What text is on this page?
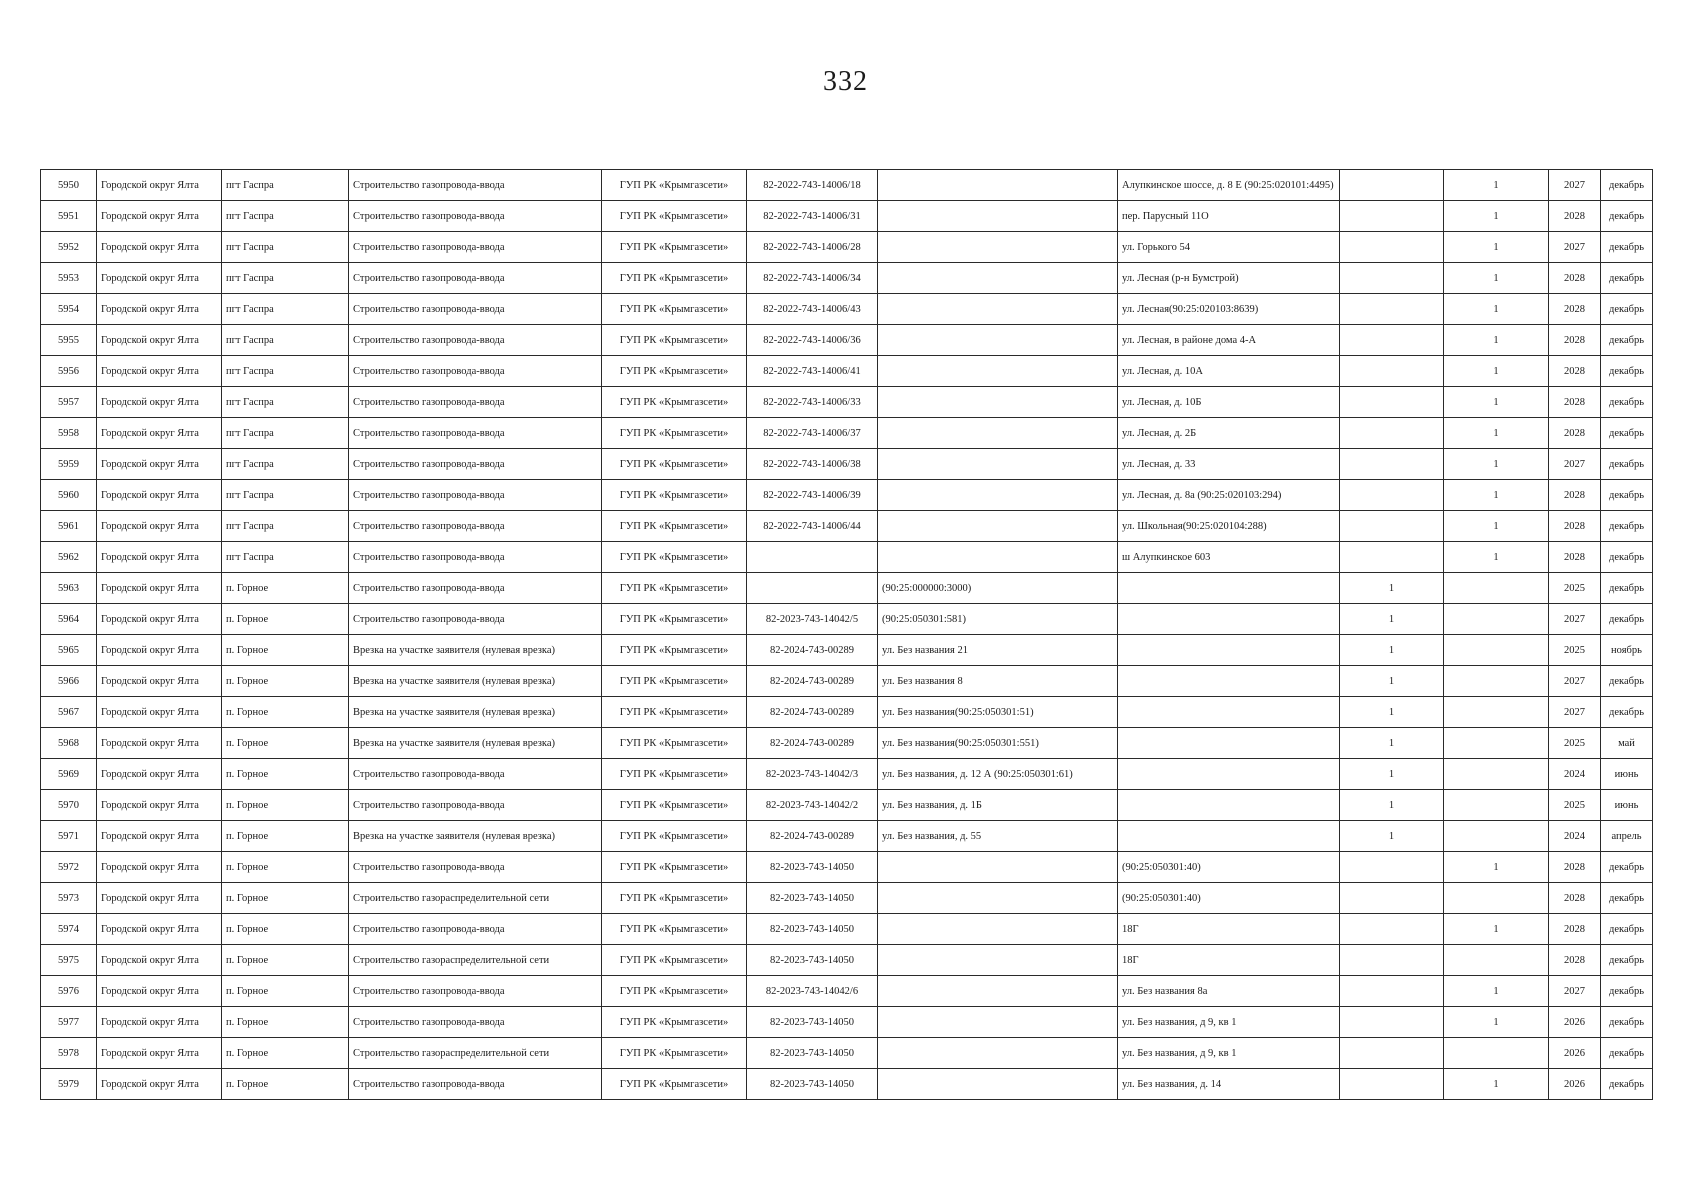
332
5950	Городской округ Ялта	пгт Гаспра	Строительство газопровода-ввода	ГУП РК «Крымгазсети»	82-2022-743-14006/18		Алупкинское шоссе, д. 8 Е (90:25:020101:4495)		1	2027	декабрь
5951	Городской округ Ялта	пгт Гаспра	Строительство газопровода-ввода	ГУП РК «Крымгазсети»	82-2022-743-14006/31		пер. Парусный 11О		1	2028	декабрь
5952	Городской округ Ялта	пгт Гаспра	Строительство газопровода-ввода	ГУП РК «Крымгазсети»	82-2022-743-14006/28		ул. Горького 54		1	2027	декабрь
5953	Городской округ Ялта	пгт Гаспра	Строительство газопровода-ввода	ГУП РК «Крымгазсети»	82-2022-743-14006/34		ул. Лесная (р-н Бумстрой)		1	2028	декабрь
5954	Городской округ Ялта	пгт Гаспра	Строительство газопровода-ввода	ГУП РК «Крымгазсети»	82-2022-743-14006/43		ул. Лесная(90:25:020103:8639)		1	2028	декабрь
5955	Городской округ Ялта	пгт Гаспра	Строительство газопровода-ввода	ГУП РК «Крымгазсети»	82-2022-743-14006/36		ул. Лесная, в районе дома 4-А		1	2028	декабрь
5956	Городской округ Ялта	пгт Гаспра	Строительство газопровода-ввода	ГУП РК «Крымгазсети»	82-2022-743-14006/41		ул. Лесная, д. 10А		1	2028	декабрь
5957	Городской округ Ялта	пгт Гаспра	Строительство газопровода-ввода	ГУП РК «Крымгазсети»	82-2022-743-14006/33		ул. Лесная, д. 10Б		1	2028	декабрь
5958	Городской округ Ялта	пгт Гаспра	Строительство газопровода-ввода	ГУП РК «Крымгазсети»	82-2022-743-14006/37		ул. Лесная, д. 2Б		1	2028	декабрь
5959	Городской округ Ялта	пгт Гаспра	Строительство газопровода-ввода	ГУП РК «Крымгазсети»	82-2022-743-14006/38		ул. Лесная, д. 33		1	2027	декабрь
5960	Городской округ Ялта	пгт Гаспра	Строительство газопровода-ввода	ГУП РК «Крымгазсети»	82-2022-743-14006/39		ул. Лесная, д. 8а (90:25:020103:294)		1	2028	декабрь
5961	Городской округ Ялта	пгт Гаспра	Строительство газопровода-ввода	ГУП РК «Крымгазсети»	82-2022-743-14006/44		ул. Школьная(90:25:020104:288)		1	2028	декабрь
5962	Городской округ Ялта	пгт Гаспра	Строительство газопровода-ввода	ГУП РК «Крымгазсети»			ш Алупкинское 603		1	2028	декабрь
5963	Городской округ Ялта	п. Горное	Строительство газопровода-ввода	ГУП РК «Крымгазсети»		(90:25:000000:3000)		1		2025	декабрь
5964	Городской округ Ялта	п. Горное	Строительство газопровода-ввода	ГУП РК «Крымгазсети»	82-2023-743-14042/5	(90:25:050301:581)		1		2027	декабрь
5965	Городской округ Ялта	п. Горное	Врезка на участке заявителя (нулевая врезка)	ГУП РК «Крымгазсети»	82-2024-743-00289	ул. Без названия 21		1		2025	ноябрь
5966	Городской округ Ялта	п. Горное	Врезка на участке заявителя (нулевая врезка)	ГУП РК «Крымгазсети»	82-2024-743-00289	ул. Без названия 8		1		2027	декабрь
5967	Городской округ Ялта	п. Горное	Врезка на участке заявителя (нулевая врезка)	ГУП РК «Крымгазсети»	82-2024-743-00289	ул. Без названия(90:25:050301:51)		1		2027	декабрь
5968	Городской округ Ялта	п. Горное	Врезка на участке заявителя (нулевая врезка)	ГУП РК «Крымгазсети»	82-2024-743-00289	ул. Без названия(90:25:050301:551)		1		2025	май
5969	Городской округ Ялта	п. Горное	Строительство газопровода-ввода	ГУП РК «Крымгазсети»	82-2023-743-14042/3	ул. Без названия, д. 12 А (90:25:050301:61)		1		2024	июнь
5970	Городской округ Ялта	п. Горное	Строительство газопровода-ввода	ГУП РК «Крымгазсети»	82-2023-743-14042/2	ул. Без названия, д. 1Б		1		2025	июнь
5971	Городской округ Ялта	п. Горное	Врезка на участке заявителя (нулевая врезка)	ГУП РК «Крымгазсети»	82-2024-743-00289	ул. Без названия, д. 55		1		2024	апрель
5972	Городской округ Ялта	п. Горное	Строительство газопровода-ввода	ГУП РК «Крымгазсети»	82-2023-743-14050		(90:25:050301:40)		1	2028	декабрь
5973	Городской округ Ялта	п. Горное	Строительство газораспределительной сети	ГУП РК «Крымгазсети»	82-2023-743-14050		(90:25:050301:40)			2028	декабрь
5974	Городской округ Ялта	п. Горное	Строительство газопровода-ввода	ГУП РК «Крымгазсети»	82-2023-743-14050		18Г		1	2028	декабрь
5975	Городской округ Ялта	п. Горное	Строительство газораспределительной сети	ГУП РК «Крымгазсети»	82-2023-743-14050		18Г			2028	декабрь
5976	Городской округ Ялта	п. Горное	Строительство газопровода-ввода	ГУП РК «Крымгазсети»	82-2023-743-14042/6		ул. Без названия 8а		1	2027	декабрь
5977	Городской округ Ялта	п. Горное	Строительство газопровода-ввода	ГУП РК «Крымгазсети»	82-2023-743-14050		ул. Без названия, д 9, кв 1		1	2026	декабрь
5978	Городской округ Ялта	п. Горное	Строительство газораспределительной сети	ГУП РК «Крымгазсети»	82-2023-743-14050		ул. Без названия, д 9, кв 1			2026	декабрь
5979	Городской округ Ялта	п. Горное	Строительство газопровода-ввода	ГУП РК «Крымгазсети»	82-2023-743-14050		ул. Без названия, д. 14		1	2026	декабрь
